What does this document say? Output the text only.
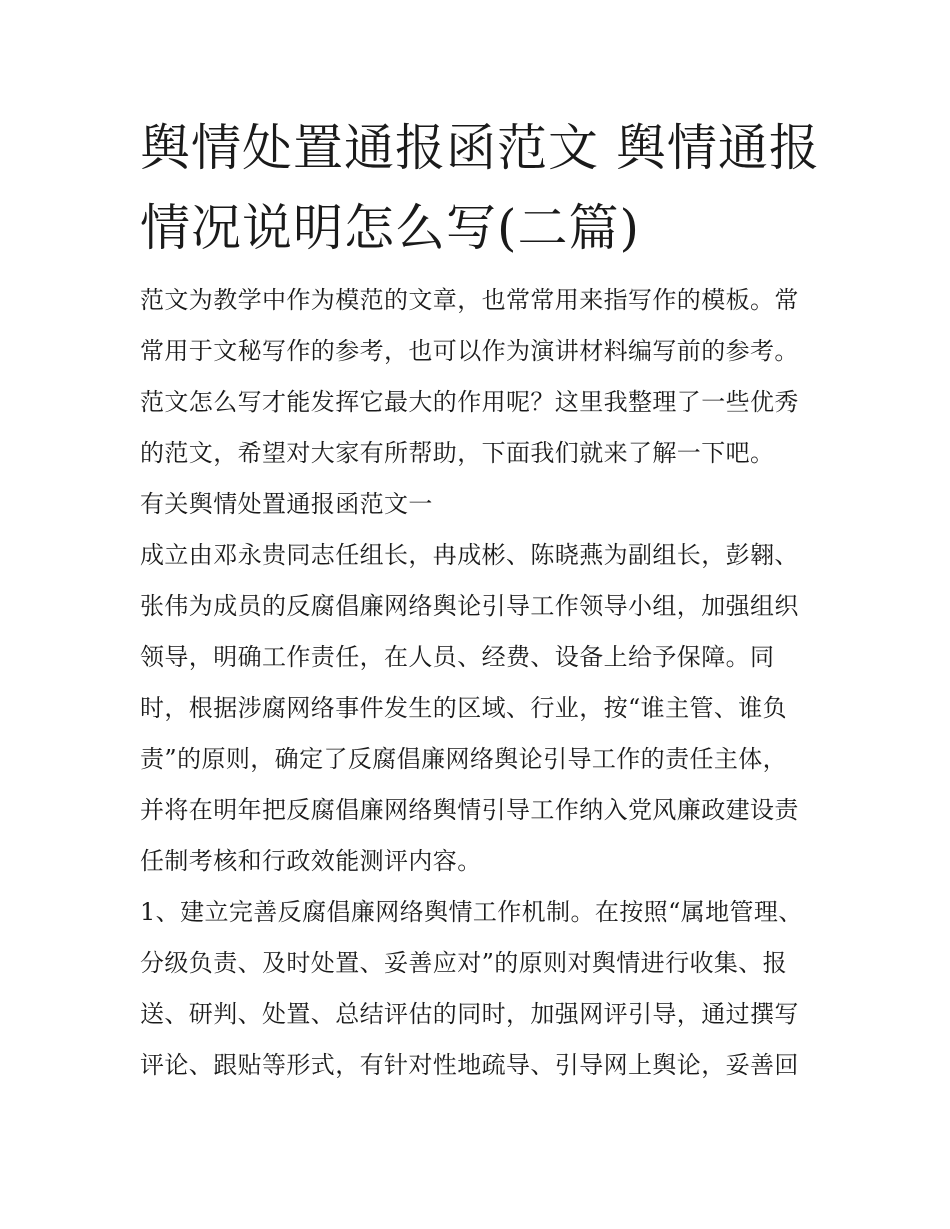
舆情处置通报函范文 舆情通报
情况说明怎么写(二篇)
范文为教学中作为模范的文章，也常常用来指写作的模板。常
常用于文秘写作的参考，也可以作为演讲材料编写前的参考。
范文怎么写才能发挥它最大的作用呢？这里我整理了一些优秀
的范文，希望对大家有所帮助，下面我们就来了解一下吧。
有关舆情处置通报函范文一
成立由邓永贵同志任组长，冉成彬、陈晓燕为副组长，彭翱、
张伟为成员的反腐倡廉网络舆论引导工作领导小组，加强组织
领导，明确工作责任，在人员、经费、设备上给予保障。同
时，根据涉腐网络事件发生的区域、行业，按“谁主管、谁负
责”的原则，确定了反腐倡廉网络舆论引导工作的责任主体，
并将在明年把反腐倡廉网络舆情引导工作纳入党风廉政建设责
任制考核和行政效能测评内容。
1、建立完善反腐倡廉网络舆情工作机制。在按照“属地管理、
分级负责、及时处置、妥善应对”的原则对舆情进行收集、报
送、研判、处置、总结评估的同时，加强网评引导，通过撰写
评论、跟贴等形式，有针对性地疏导、引导网上舆论，妥善回
